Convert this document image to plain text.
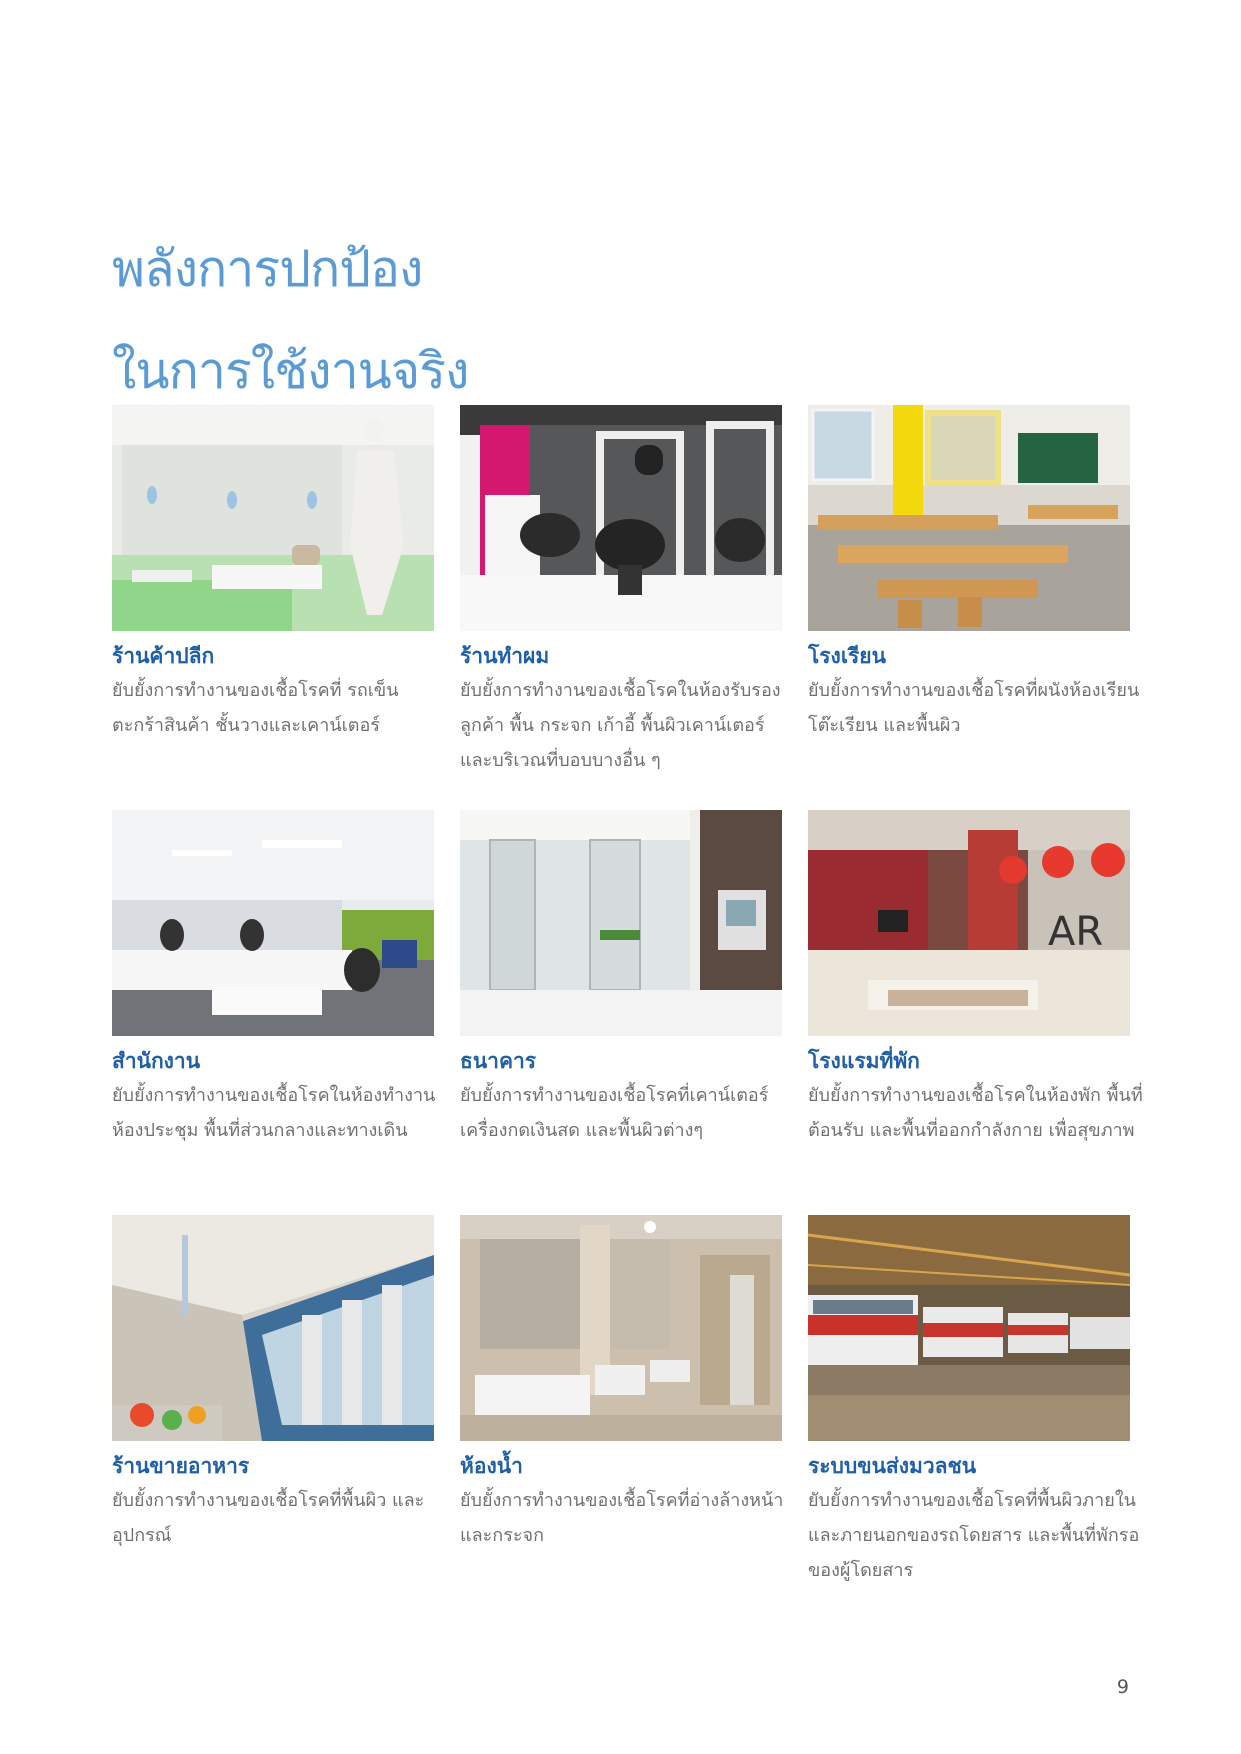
พลังการปกป้อง
ในการใช้งานจริง
ร้านค้าปลีก
ยับยั้งการทำงานของเชื้อโรคที่ รถเข็นตะกร้าสินค้า ชั้นวางและเคาน์เตอร์
ร้านทำผม
ยับยั้งการทำงานของเชื้อโรคในห้องรับรองลูกค้า พื้น กระจก เก้าอี้ พื้นผิวเคาน์เตอร์ และบริเวณที่บอบบางอื่น ๆ
โรงเรียน
ยับยั้งการทำงานของเชื้อโรคที่ผนังห้องเรียน โต๊ะเรียน และพื้นผิว
สำนักงาน
ยับยั้งการทำงานของเชื้อโรคในห้องทำงาน ห้องประชุม พื้นที่ส่วนกลางและทางเดิน
ธนาคาร
ยับยั้งการทำงานของเชื้อโรคที่เคาน์เตอร์ เครื่องกดเงินสด และพื้นผิวต่างๆ
AR
โรงแรมที่พัก
ยับยั้งการทำงานของเชื้อโรคในห้องพัก พื้นที่ต้อนรับ และพื้นที่ออกกำลังกาย เพื่อสุขภาพ
ร้านขายอาหาร
ยับยั้งการทำงานของเชื้อโรคที่พื้นผิว และอุปกรณ์
ห้องน้ำ
ยับยั้งการทำงานของเชื้อโรคที่อ่างล้างหน้า และกระจก
ระบบขนส่งมวลชน
ยับยั้งการทำงานของเชื้อโรคที่พื้นผิวภายในและภายนอกของรถโดยสาร และพื้นที่พักรอของผู้โดยสาร
9
